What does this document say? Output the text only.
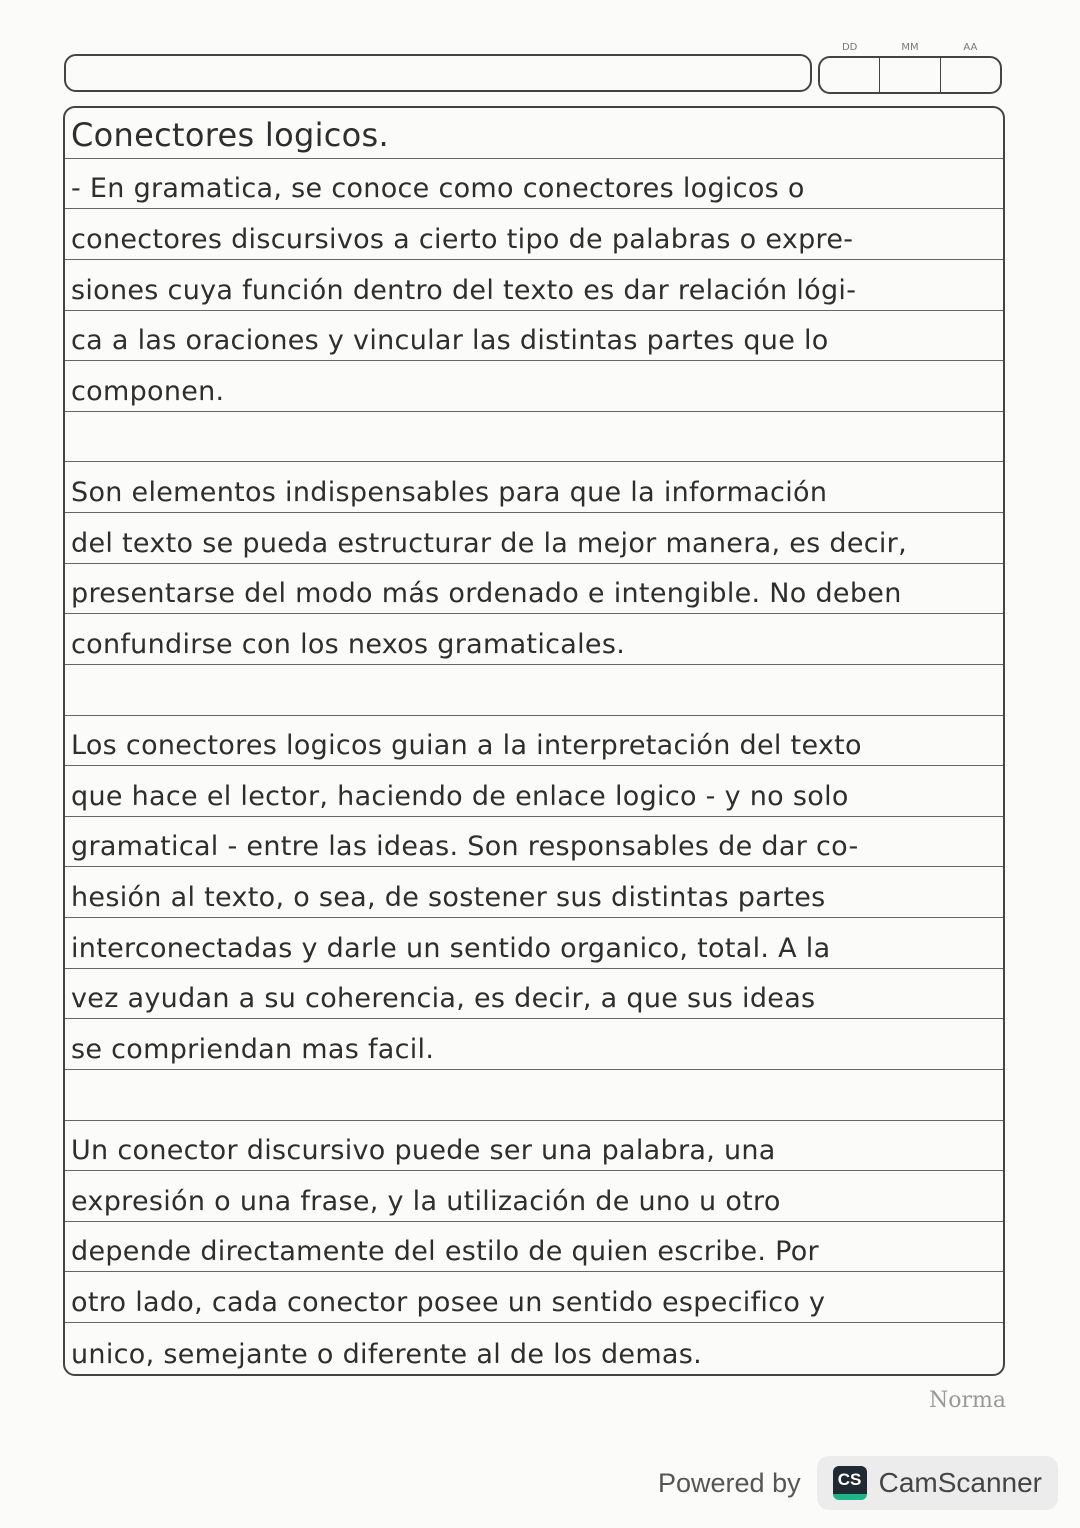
DD	MM	AA
Conectores logicos.
- En gramatica, se conoce como conectores logicos o
conectores discursivos a cierto tipo de palabras o expre-
siones cuya función dentro del texto es dar relación lógi-
ca a las oraciones y vincular las distintas partes que lo
componen.
Son elementos indispensables para que la información
del texto se pueda estructurar de la mejor manera, es decir,
presentarse del modo más ordenado e intengible. No deben
confundirse con los nexos gramaticales.
Los conectores logicos guian a la interpretación del texto
que hace el lector, haciendo de enlace logico - y no solo
gramatical - entre las ideas. Son responsables de dar co-
hesión al texto, o sea, de sostener sus distintas partes
interconectadas y darle un sentido organico, total. A la
vez ayudan a su coherencia, es decir, a que sus ideas
se compriendan mas facil.
Un conector discursivo puede ser una palabra, una
expresión o una frase, y la utilización de uno u otro
depende directamente del estilo de quien escribe. Por
otro lado, cada conector posee un sentido especifico y
unico, semejante o diferente al de los demas.
Norma
Powered by	CS CamScanner
